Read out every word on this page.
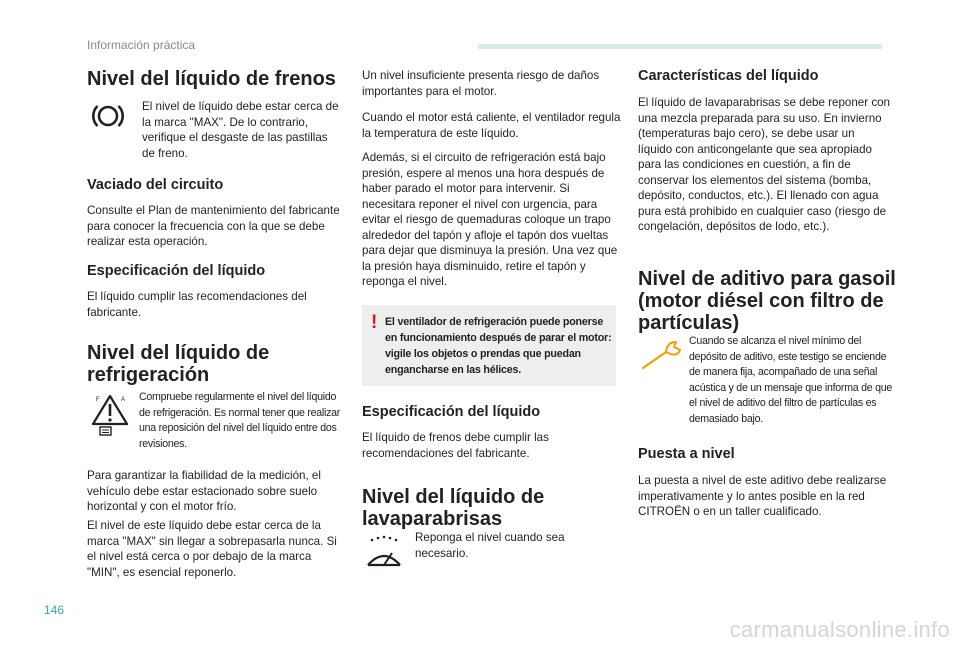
Información práctica
Nivel del líquido de frenos
El nivel de líquido debe estar cerca de la marca "MAX". De lo contrario, verifique el desgaste de las pastillas de freno.
Vaciado del circuito
Consulte el Plan de mantenimiento del fabricante para conocer la frecuencia con la que se debe realizar esta operación.
Especificación del líquido
El líquido cumplir las recomendaciones del fabricante.
Nivel del líquido de
refrigeración
F	A Compruebe regularmente el nivel del líquido de refrigeración. Es normal tener que realizar una reposición del nivel del líquido entre dos revisiones.
Para garantizar la fiabilidad de la medición, el vehículo debe estar estacionado sobre suelo horizontal y con el motor frío.
El nivel de este líquido debe estar cerca de la marca "MAX" sin llegar a sobrepasarla nunca. Si el nivel está cerca o por debajo de la marca "MIN", es esencial reponerlo.
Un nivel insuficiente presenta riesgo de daños importantes para el motor.
Cuando el motor está caliente, el ventilador regula la temperatura de este líquido.
Además, si el circuito de refrigeración está bajo presión, espere al menos una hora después de haber parado el motor para intervenir. Si necesitara reponer el nivel con urgencia, para evitar el riesgo de quemaduras coloque un trapo alrededor del tapón y afloje el tapón dos vueltas para dejar que disminuya la presión. Una vez que la presión haya disminuido, retire el tapón y reponga el nivel.
! El ventilador de refrigeración puede ponerse en funcionamiento después de parar el motor: vigile los objetos o prendas que puedan engancharse en las hélices.
Especificación del líquido
El líquido de frenos debe cumplir las recomendaciones del fabricante.
Nivel del líquido de
lavaparabrisas
Reponga el nivel cuando sea necesario.
Características del líquido
El líquido de lavaparabrisas se debe reponer con una mezcla preparada para su uso. En invierno (temperaturas bajo cero), se debe usar un líquido con anticongelante que sea apropiado para las condiciones en cuestión, a fin de conservar los elementos del sistema (bomba, depósito, conductos, etc.). El llenado con agua pura está prohibido en cualquier caso (riesgo de congelación, depósitos de lodo, etc.).
Nivel de aditivo para gasoil
(motor diésel con filtro de
partículas)
Cuando se alcanza el nivel mínimo del depósito de aditivo, este testigo se enciende de manera fija, acompañado de una señal acústica y de un mensaje que informa de que el nivel de aditivo del filtro de partículas es demasiado bajo.
Puesta a nivel
La puesta a nivel de este aditivo debe realizarse imperativamente y lo antes posible en la red CITROËN o en un taller cualificado.
146
carmanualsonline.info
